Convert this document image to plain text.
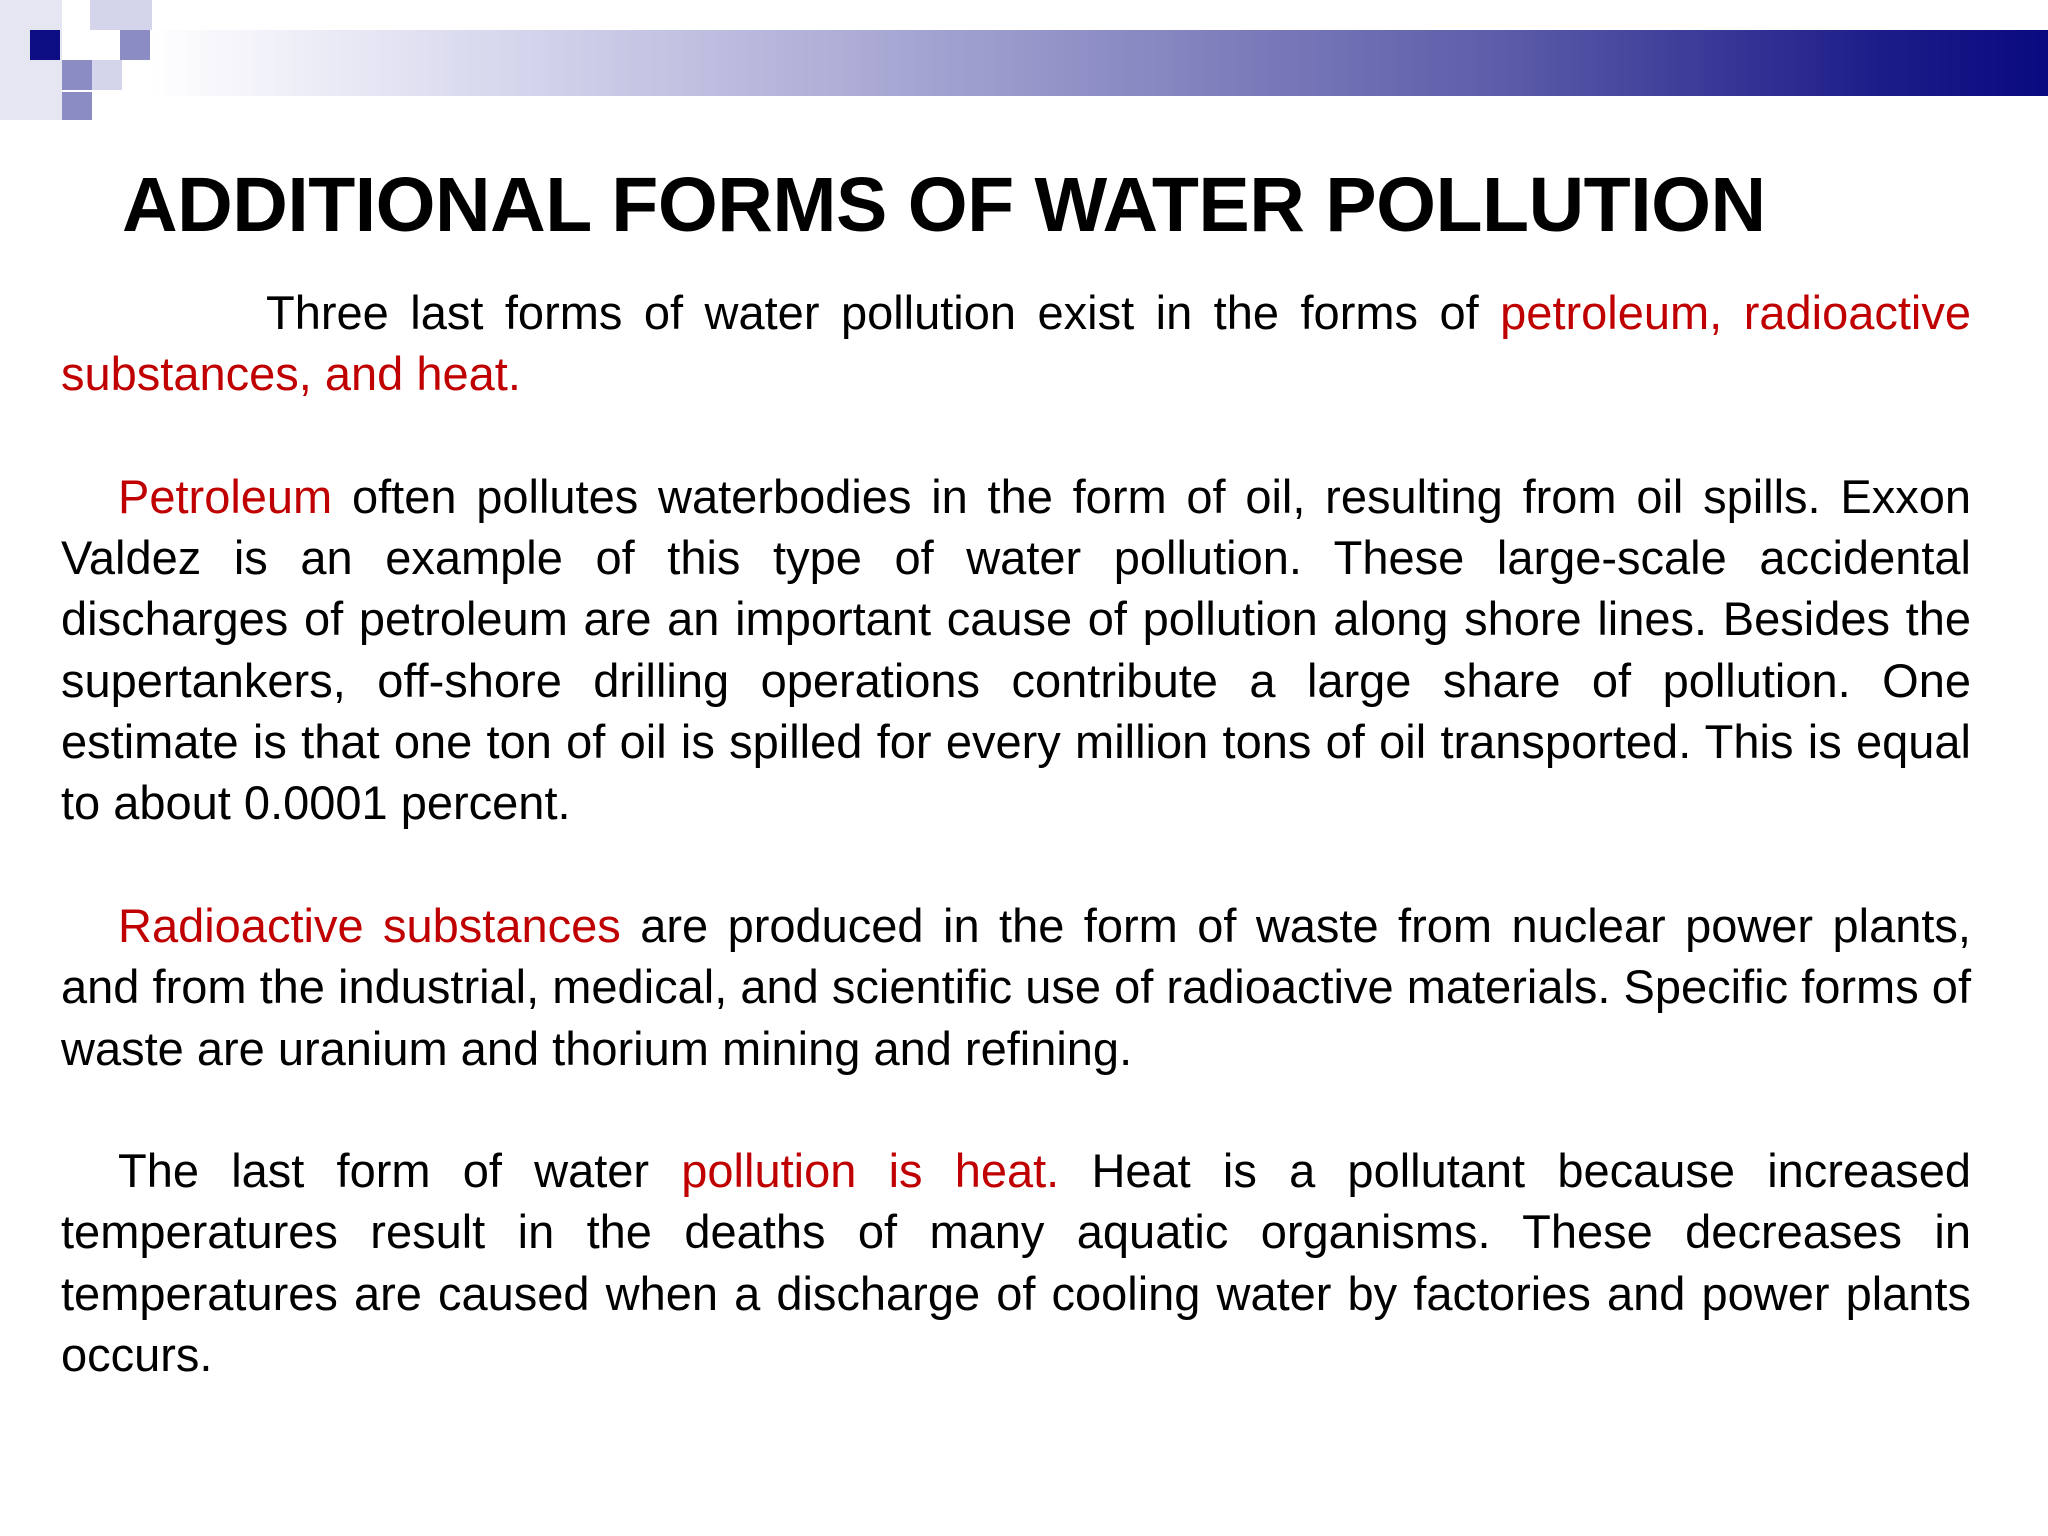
ADDITIONAL FORMS OF WATER POLLUTION

Three last forms of water pollution exist in the forms of petroleum, radioactive substances, and heat.

Petroleum often pollutes waterbodies in the form of oil, resulting from oil spills. Exxon Valdez is an example of this type of water pollution. These large-scale accidental discharges of petroleum are an important cause of pollution along shore lines. Besides the supertankers, off-shore drilling operations contribute a large share of pollution. One estimate is that one ton of oil is spilled for every million tons of oil transported. This is equal to about 0.0001 percent.

Radioactive substances are produced in the form of waste from nuclear power plants, and from the industrial, medical, and scientific use of radioactive materials. Specific forms of waste are uranium and thorium mining and refining.

The last form of water pollution is heat. Heat is a pollutant because increased temperatures result in the deaths of many aquatic organisms. These decreases in temperatures are caused when a discharge of cooling water by factories and power plants occurs.
